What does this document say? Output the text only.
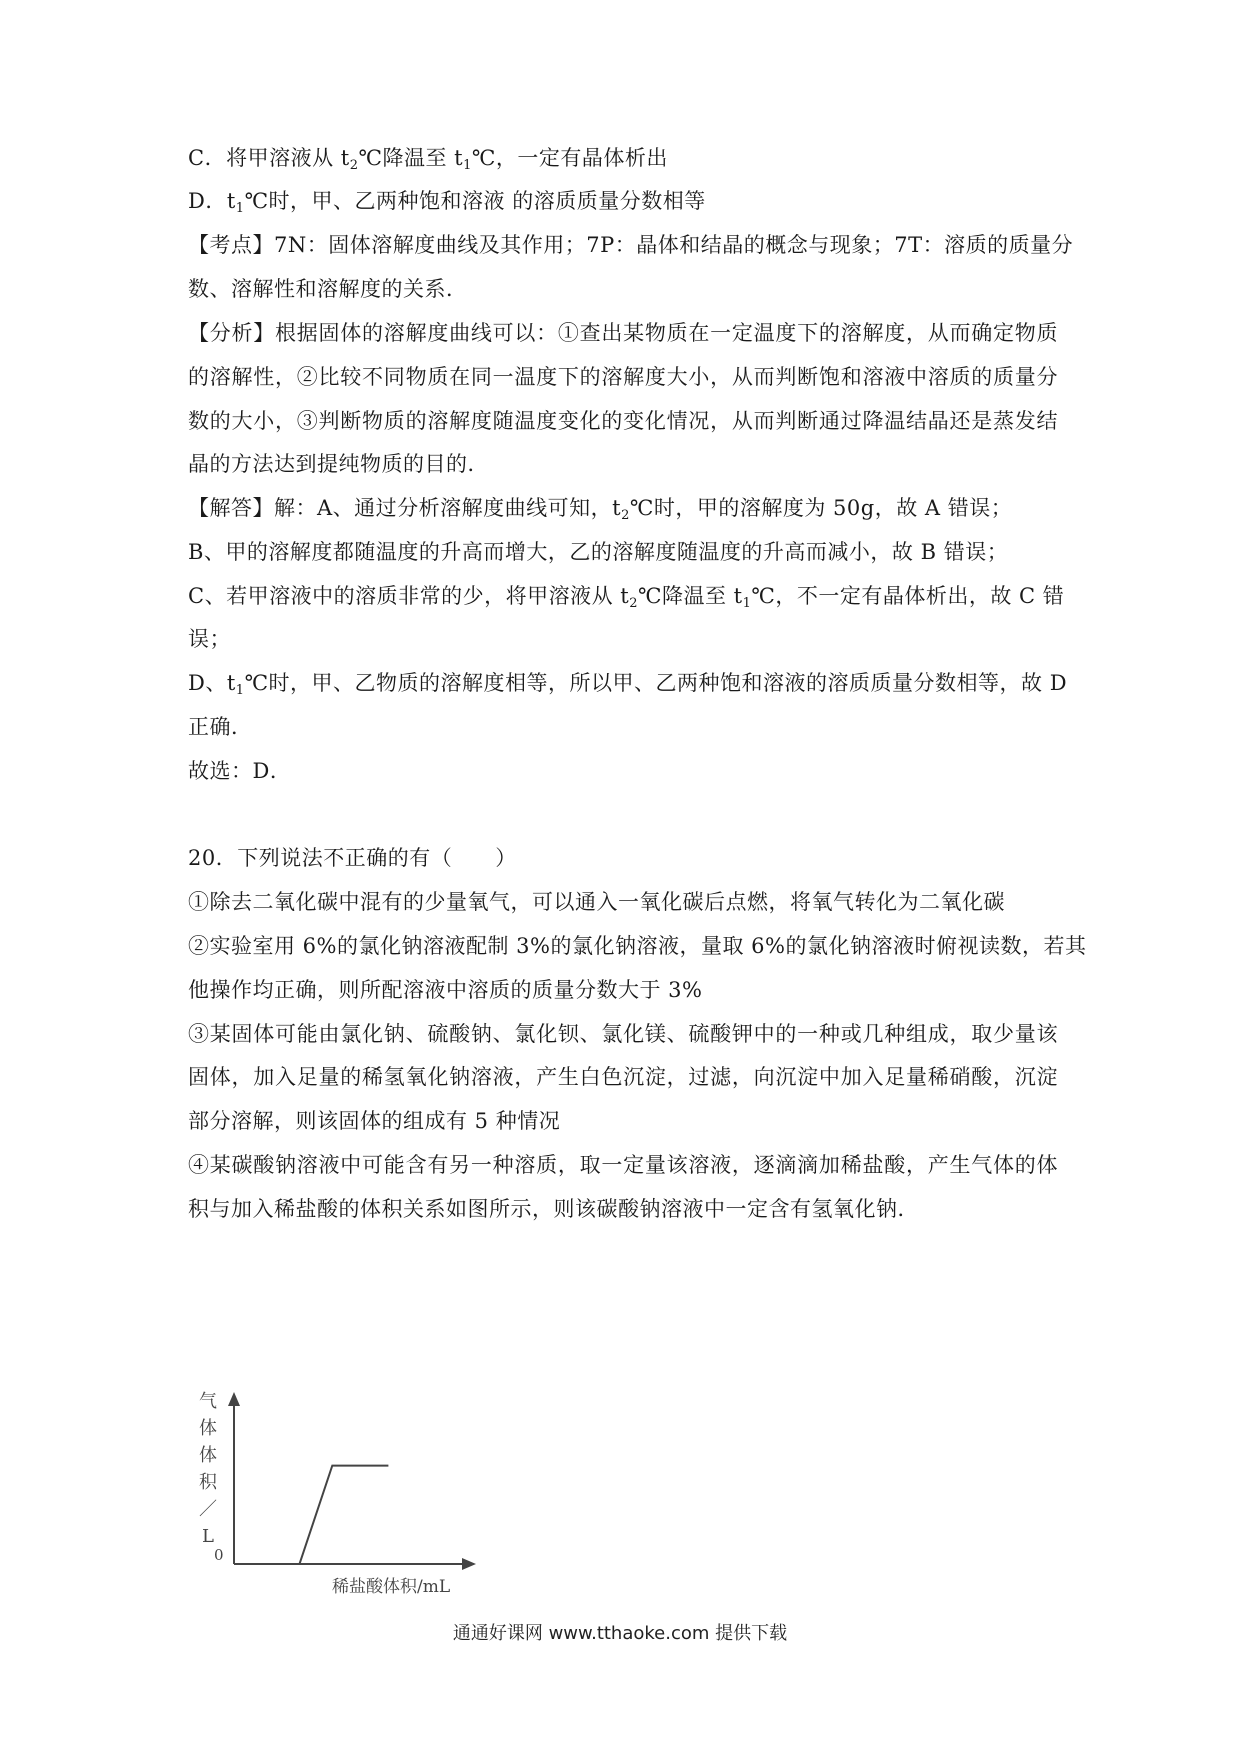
C．将甲溶液从 $t_2℃$降温至 $t_1℃$，一定有晶体析出
D．$t_1℃$时，甲、乙两种饱和溶液 的溶质质量分数相等
【考点】7N：固体溶解度曲线及其作用；7P：晶体和结晶的概念与现象；7T：溶质的质量分
数、溶解性和溶解度的关系．
【分析】根据固体的溶解度曲线可以：①查出某物质在一定温度下的溶解度，从而确定物质
的溶解性，②比较不同物质在同一温度下的溶解度大小，从而判断饱和溶液中溶质的质量分
数的大小，③判断物质的溶解度随温度变化的变化情况，从而判断通过降温结晶还是蒸发结
晶的方法达到提纯物质的目的．
【解答】解：A、通过分析溶解度曲线可知，$t_2℃$时，甲的溶解度为 50g，故 A 错误；
B、甲的溶解度都随温度的升高而增大，乙的溶解度随温度的升高而减小，故 B 错误；
C、若甲溶液中的溶质非常的少，将甲溶液从 $t_2℃$降温至 $t_1℃$，不一定有晶体析出，故 C 错
误；
D、$t_1℃$时，甲、乙物质的溶解度相等，所以甲、乙两种饱和溶液的溶质质量分数相等，故 D
正确．
故选：D．
20．下列说法不正确的有（　　）
①除去二氧化碳中混有的少量氧气，可以通入一氧化碳后点燃，将氧气转化为二氧化碳
②实验室用 6%的氯化钠溶液配制 3%的氯化钠溶液，量取 6%的氯化钠溶液时俯视读数，若其
他操作均正确，则所配溶液中溶质的质量分数大于 3%
③某固体可能由氯化钠、硫酸钠、氯化钡、氯化镁、硫酸钾中的一种或几种组成，取少量该
固体，加入足量的稀氢氧化钠溶液，产生白色沉淀，过滤，向沉淀中加入足量稀硝酸，沉淀
部分溶解，则该固体的组成有 5 种情况
④某碳酸钠溶液中可能含有另一种溶质，取一定量该溶液，逐滴滴加稀盐酸，产生气体的体
积与加入稀盐酸的体积关系如图所示，则该碳酸钠溶液中一定含有氢氧化钠．
气
体
体
积
／
L
0
稀盐酸体积/mL
通通好课网 www.tthaoke.com 提供下载
